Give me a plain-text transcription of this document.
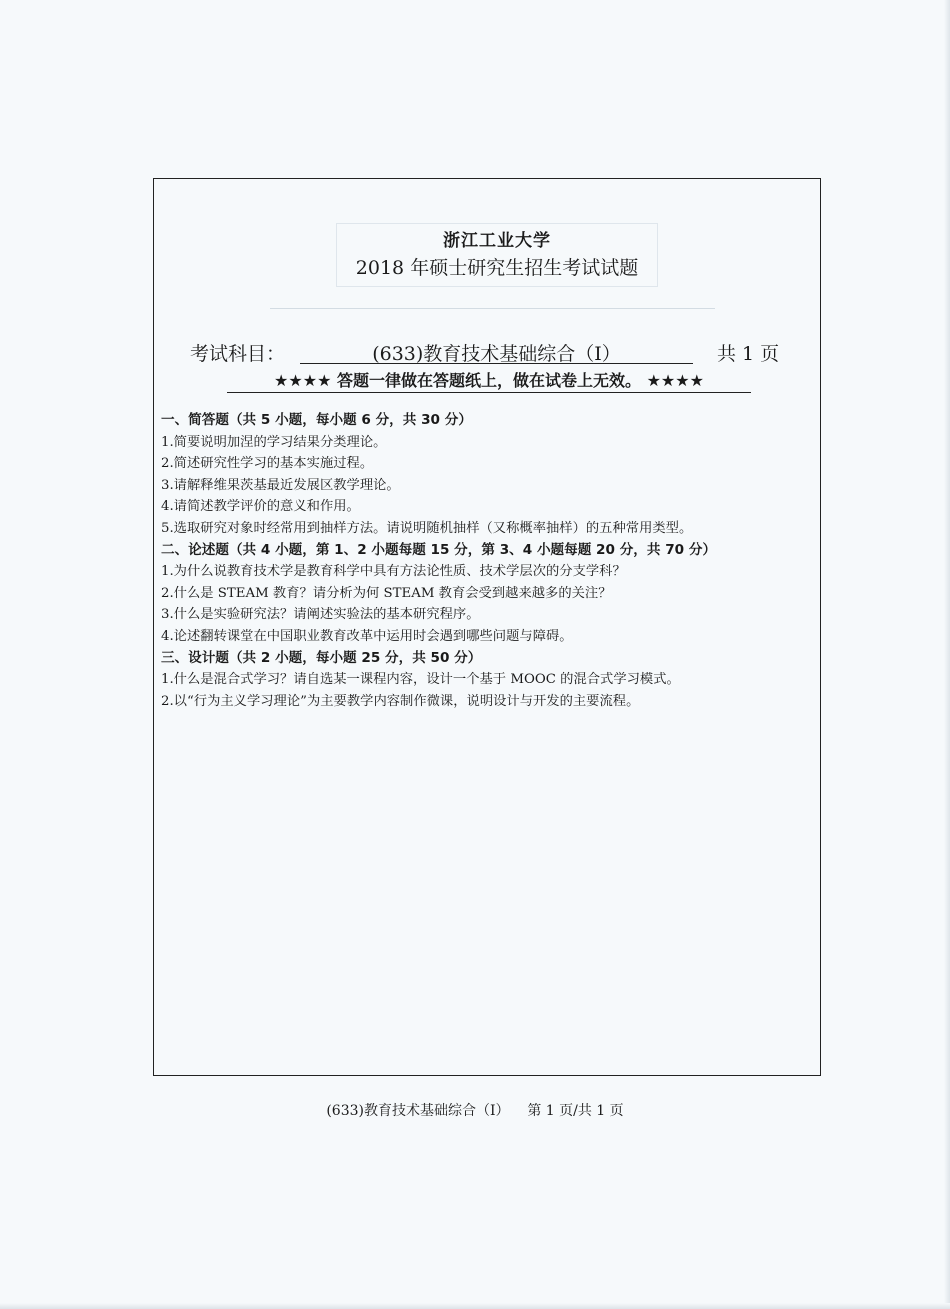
浙江工业大学
2018 年硕士研究生招生考试试题
考试科目：	(633)教育技术基础综合（I）	共 1 页
★★★★ 答题一律做在答题纸上，做在试卷上无效。 ★★★★
一、简答题（共 5 小题，每小题 6 分，共 30 分）
1.简要说明加涅的学习结果分类理论。
2.简述研究性学习的基本实施过程。
3.请解释维果茨基最近发展区教学理论。
4.请简述教学评价的意义和作用。
5.选取研究对象时经常用到抽样方法。请说明随机抽样（又称概率抽样）的五种常用类型。
二、论述题（共 4 小题，第 1、2 小题每题 15 分，第 3、4 小题每题 20 分，共 70 分）
1.为什么说教育技术学是教育科学中具有方法论性质、技术学层次的分支学科？
2.什么是 STEAM 教育？请分析为何 STEAM 教育会受到越来越多的关注？
3.什么是实验研究法？请阐述实验法的基本研究程序。
4.论述翻转课堂在中国职业教育改革中运用时会遇到哪些问题与障碍。
三、设计题（共 2 小题，每小题 25 分，共 50 分）
1.什么是混合式学习？请自选某一课程内容，设计一个基于 MOOC 的混合式学习模式。
2.以“行为主义学习理论”为主要教学内容制作微课，说明设计与开发的主要流程。
(633)教育技术基础综合（I） 第 1 页/共 1 页
